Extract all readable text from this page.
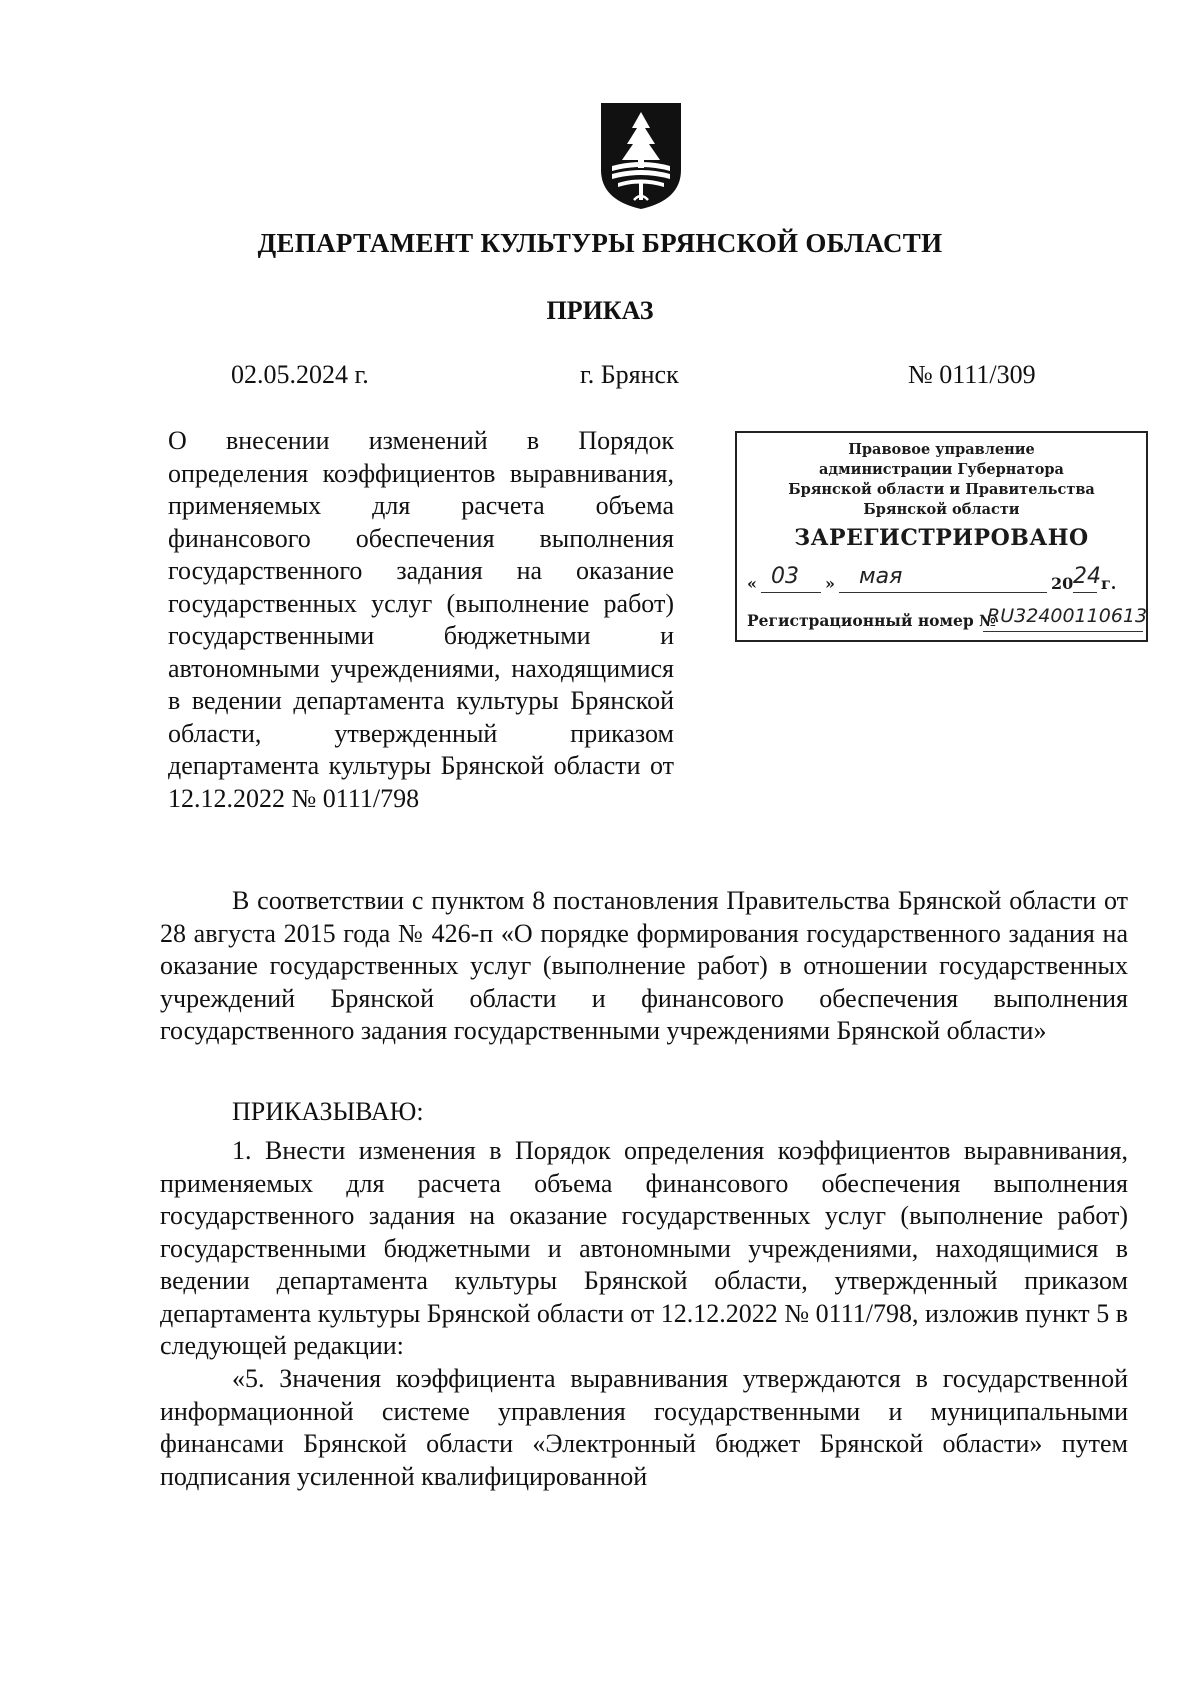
ДЕПАРТАМЕНТ КУЛЬТУРЫ БРЯНСКОЙ ОБЛАСТИ
ПРИКАЗ
02.05.2024 г.	г. Брянск	№ 0111/309
О внесении изменений в Порядок определения коэффициентов выравнивания, применяемых для расчета объема финансового обеспечения выполнения государственного задания на оказание государственных услуг (выполнение работ) государственными бюджетными и автономными учреждениями, находящимися в ведении департамента культуры Брянской области, утвержденный приказом департамента культуры Брянской области от 12.12.2022 № 0111/798
Правовое управление
администрации Губернатора
Брянской области и Правительства
Брянской области
ЗАРЕГИСТРИРОВАНО
« 03 » мая	20 24 г.
Регистрационный номер №
RU32400110613
В соответствии с пунктом 8 постановления Правительства Брянской области от 28 августа 2015 года № 426-п «О порядке формирования государственного задания на оказание государственных услуг (выполнение работ) в отношении государственных учреждений Брянской области и финансового обеспечения выполнения государственного задания государственными учреждениями Брянской области»
ПРИКАЗЫВАЮ:
1. Внести изменения в Порядок определения коэффициентов выравнивания, применяемых для расчета объема финансового обеспечения выполнения государственного задания на оказание государственных услуг (выполнение работ) государственными бюджетными и автономными учреждениями, находящимися в ведении департамента культуры Брянской области, утвержденный приказом департамента культуры Брянской области от 12.12.2022 № 0111/798, изложив пункт 5 в следующей редакции:
«5. Значения коэффициента выравнивания утверждаются в государственной информационной системе управления государственными и муниципальными финансами Брянской области «Электронный бюджет Брянской области» путем подписания усиленной квалифицированной
